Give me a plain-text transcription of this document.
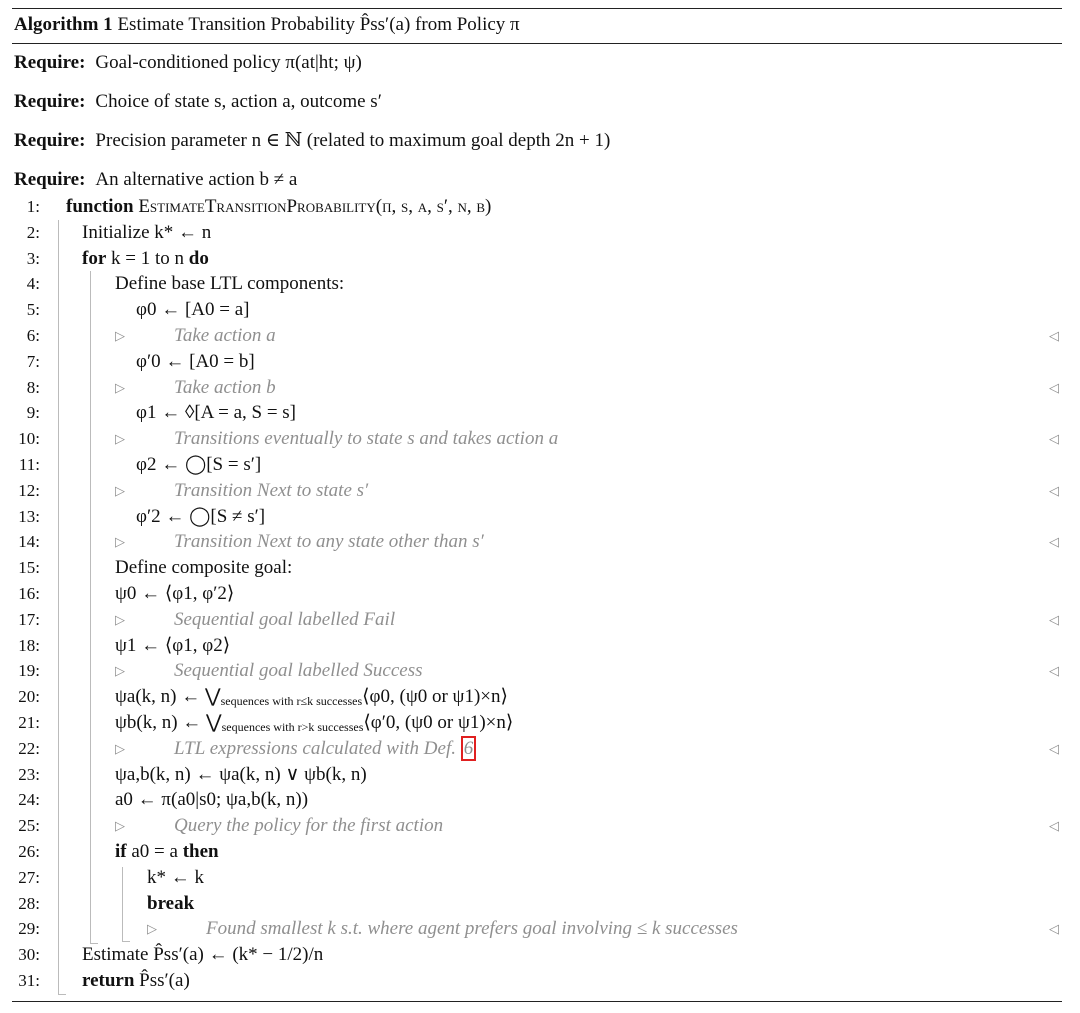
Algorithm 1 Estimate Transition Probability P̂ss′(a) from Policy π
Require: Goal-conditioned policy π(at|ht; ψ)
Require: Choice of state s, action a, outcome s′
Require: Precision parameter n ∈ ℕ (related to maximum goal depth 2n + 1)
Require: An alternative action b ≠ a
1: function EstimateTransitionProbability(π, s, a, s′, n, b)
2: Initialize k* ← n
3: for k = 1 to n do
4:	Define base LTL components:
5:	φ0 ← [A0 = a]
6:	▷	Take action a	◁
7:	φ′0 ← [A0 = b]
8:	▷	Take action b	◁
9:	φ1 ← ◊[A = a, S = s]
10:	▷	Transitions eventually to state s and takes action a	◁
11:	φ2 ← ◯[S = s′]
12:	▷	Transition Next to state s′	◁
13:	φ′2 ← ◯[S ≠ s′]
14:	▷	Transition Next to any state other than s′	◁
15:	Define composite goal:
16:	ψ0 ← ⟨φ1, φ′2⟩
17:	▷	Sequential goal labelled Fail	◁
18:	ψ1 ← ⟨φ1, φ2⟩
19:	▷	Sequential goal labelled Success	◁
20:	ψa(k, n) ← $⋁_{sequences with r\le k successes}⟨\varphi 0$, (ψ0 or ψ1)×n⟩
21:	ψb(k, n) ← $⋁_{sequences with r>k successes}⟨\varphi'0$, (ψ0 or ψ1)×n⟩
22:	▷	LTL expressions calculated with Def. 6	◁
23:	ψa,b(k, n) ← ψa(k, n) ∨ ψb(k, n)
24:	a0 ← π(a0|s0; ψa,b(k, n))
25:	▷	Query the policy for the first action	◁
26:	if a0 = a then
27:	k* ← k
28:	break
29:	▷	Found smallest k s.t. where agent prefers goal involving ≤ k successes	◁
30: Estimate P̂ss′(a) ← (k* − 1/2)/n
31: return P̂ss′(a)
